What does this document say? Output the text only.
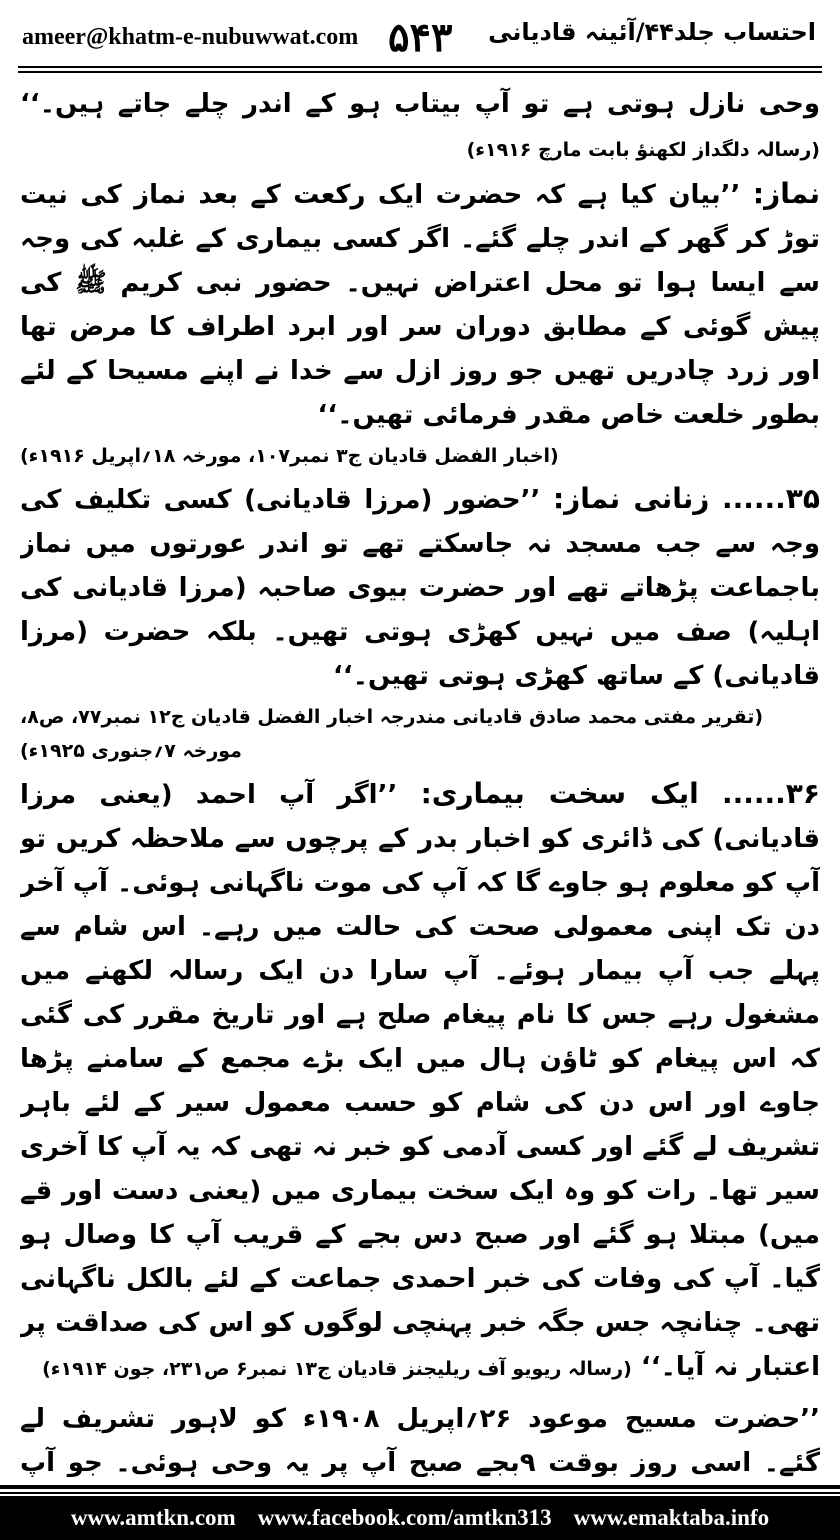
ameer@khatm-e-nubuwwat.com ۵۴۳ احتساب جلد۴۴/آئینہ قادیانی

وحی نازل ہوتی ہے تو آپ بیتاب ہو کے اندر چلے جاتے ہیں۔‘‘ (رسالہ دلگداز لکھنؤ بابت مارچ ۱۹۱۶ء)

نماز: ’’بیان کیا ہے کہ حضرت ایک رکعت کے بعد نماز کی نیت توڑ کر گھر کے اندر چلے گئے۔ اگر کسی بیماری کے غلبہ کی وجہ سے ایسا ہوا تو محل اعتراض نہیں۔ حضور نبی کریم ﷺ کی پیش گوئی کے مطابق دوران سر اور ابرد اطراف کا مرض تھا اور زرد چادریں تھیں جو روز ازل سے خدا نے اپنے مسیحا کے لئے بطور خلعت خاص مقدر فرمائی تھیں۔‘‘

(اخبار الفضل قادیان ج۳ نمبر۱۰۷، مورخہ ۱۸؍اپریل ۱۹۱۶ء)

۳۵...... زنانی نماز: ’’حضور (مرزا قادیانی) کسی تکلیف کی وجہ سے جب مسجد نہ جاسکتے تھے تو اندر عورتوں میں نماز باجماعت پڑھاتے تھے اور حضرت بیوی صاحبہ (مرزا قادیانی کی اہلیہ) صف میں نہیں کھڑی ہوتی تھیں۔ بلکہ حضرت (مرزا قادیانی) کے ساتھ کھڑی ہوتی تھیں۔‘‘

(تقریر مفتی محمد صادق قادیانی مندرجہ اخبار الفضل قادیان ج۱۲ نمبر۷۷، ص۸، مورخہ ۷؍جنوری ۱۹۲۵ء)

۳۶...... ایک سخت بیماری: ’’اگر آپ احمد (یعنی مرزا قادیانی) کی ڈائری کو اخبار بدر کے پرچوں سے ملاحظہ کریں تو آپ کو معلوم ہو جاوے گا کہ آپ کی موت ناگہانی ہوئی۔ آپ آخر دن تک اپنی معمولی صحت کی حالت میں رہے۔ اس شام سے پہلے جب آپ بیمار ہوئے۔ آپ سارا دن ایک رسالہ لکھنے میں مشغول رہے جس کا نام پیغام صلح ہے اور تاریخ مقرر کی گئی کہ اس پیغام کو ٹاؤن ہال میں ایک بڑے مجمع کے سامنے پڑھا جاوے اور اس دن کی شام کو حسب معمول سیر کے لئے باہر تشریف لے گئے اور کسی آدمی کو خبر نہ تھی کہ یہ آپ کا آخری سیر تھا۔ رات کو وہ ایک سخت بیماری میں (یعنی دست اور قے میں) مبتلا ہو گئے اور صبح دس بجے کے قریب آپ کا وصال ہو گیا۔ آپ کی وفات کی خبر احمدی جماعت کے لئے بالکل ناگہانی تھی۔ چنانچہ جس جگہ خبر پہنچی لوگوں کو اس کی صداقت پر اعتبار نہ آیا۔‘‘ (رسالہ ریویو آف ریلیجنز قادیان ج۱۳ نمبر۶ ص۲۳۱، جون ۱۹۱۴ء)

’’حضرت مسیح موعود ۲۶؍اپریل ۱۹۰۸ء کو لاہور تشریف لے گئے۔ اسی روز بوقت ۹بجے صبح آپ پر یہ وحی ہوئی۔ جو آپ

www.amtkn.com www.facebook.com/amtkn313 www.emaktaba.info
